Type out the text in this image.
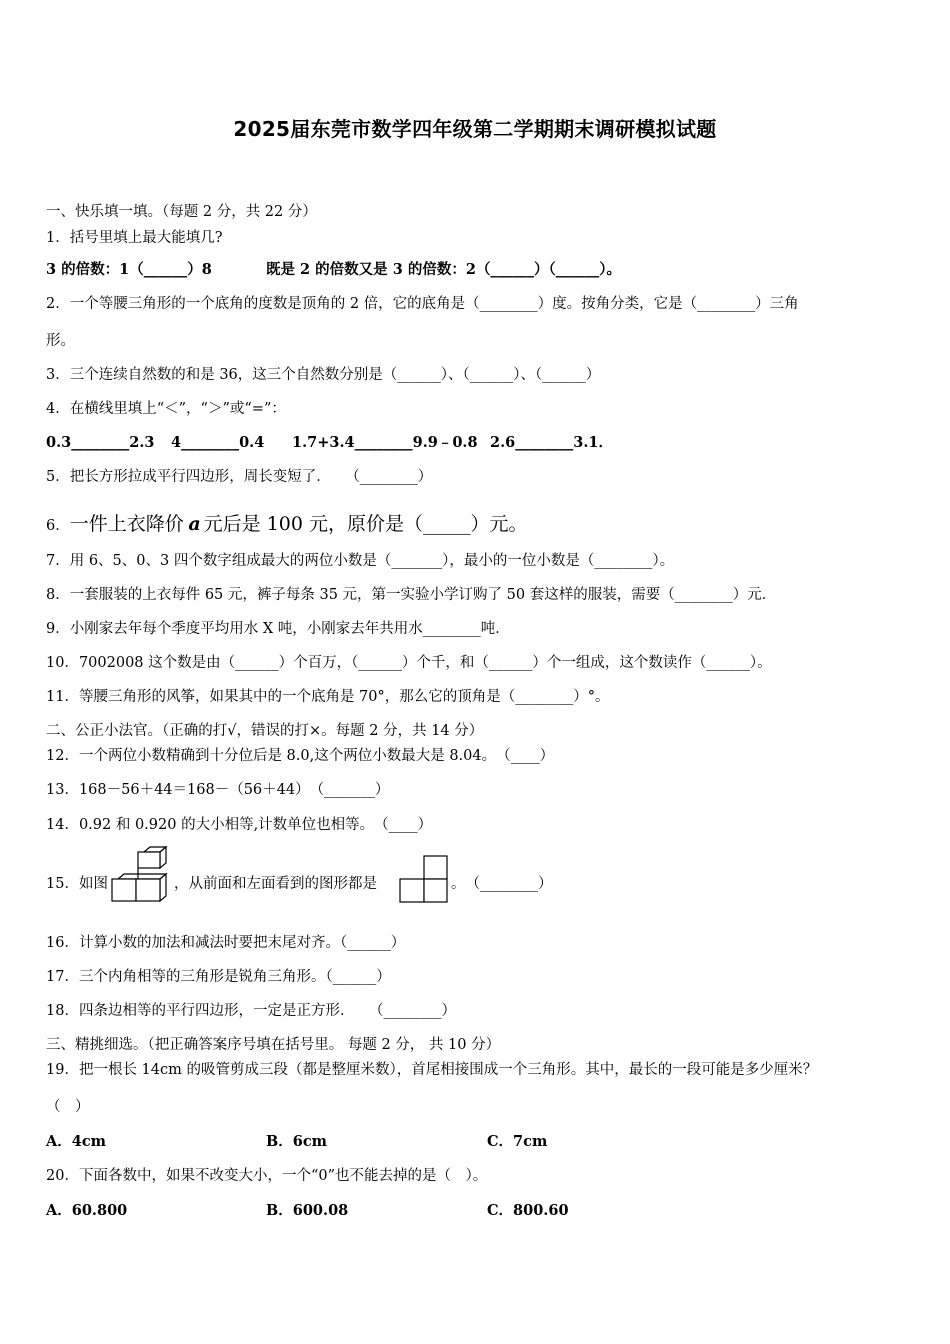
2025届东莞市数学四年级第二学期期末调研模拟试题
一、快乐填一填。（每题 2 分，共 22 分）
1．括号里填上最大能填几?
3 的倍数：1（______）8	既是 2 的倍数又是 3 的倍数：2（______）（______）。
2．一个等腰三角形的一个底角的度数是顶角的 2 倍，它的底角是（________）度。按角分类，它是（________）三角
形。
3．三个连续自然数的和是 36，这三个自然数分别是（______）、（______）、（______）
4．在横线里填上“＜”，“＞”或“=”：
0.3________2.3 4________0.4 1.7+3.4________9.9﹣0.8 2.6________3.1．
5．把长方形拉成平行四边形，周长变短了．　　（________）
6．一件上衣降价 a 元后是 100 元，原价是（_____）元。
7．用 6、5、0、3 四个数字组成最大的两位小数是（_______），最小的一位小数是（________）。
8．一套服装的上衣每件 65 元，裤子每条 35 元，第一实验小学订购了 50 套这样的服装，需要（________）元．
9．小刚家去年每个季度平均用水 X 吨，小刚家去年共用水________吨．
10．7002008 这个数是由（______）个百万，（______）个千，和（______）个一组成，这个数读作（______）。
11．等腰三角形的风筝，如果其中的一个底角是 70°，那么它的顶角是（________）°。
二、公正小法官。（正确的打√，错误的打×。每题 2 分，共 14 分）
12．一个两位小数精确到十分位后是 8.0,这个两位小数最大是 8.04。　（____）
13．168－56＋44＝168－（56＋44）　（_______）
14．0.92 和 0.920 的大小相等,计数单位也相等。　（____）
15．如图	，从前面和左面看到的图形都是	。　（________）
16．计算小数的加法和减法时要把末尾对齐。（______）
17．三个内角相等的三角形是锐角三角形。（______）
18．四条边相等的平行四边形，一定是正方形．　　（________）
三、精挑细选。（把正确答案序号填在括号里。 每题 2 分， 共 10 分）
19．把一根长 14cm 的吸管剪成三段（都是整厘米数），首尾相接围成一个三角形。其中，最长的一段可能是多少厘米？
（　）
A．4cm	B．6cm	C．7cm
20．下面各数中，如果不改变大小，一个“0”也不能去掉的是（　）。
A．60.800	B．600.08	C．800.60
